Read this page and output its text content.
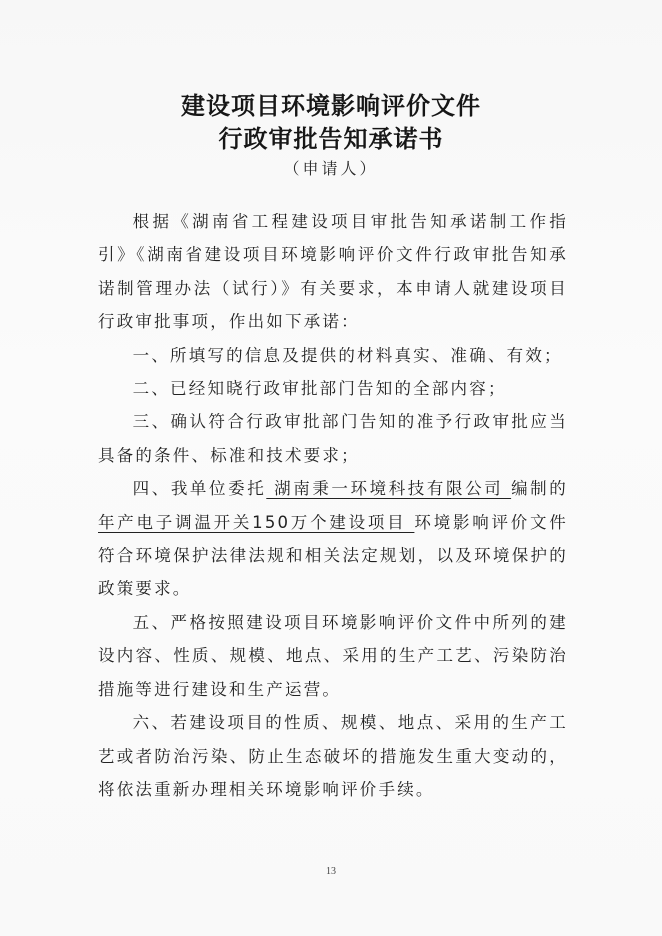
建设项目环境影响评价文件
行政审批告知承诺书
（申请人）

根据《湖南省工程建设项目审批告知承诺制工作指引》《湖南省建设项目环境影响评价文件行政审批告知承诺制管理办法（试行）》有关要求，本申请人就建设项目行政审批事项，作出如下承诺：

一、所填写的信息及提供的材料真实、准确、有效；

二、已经知晓行政审批部门告知的全部内容；

三、确认符合行政审批部门告知的准予行政审批应当具备的条件、标准和技术要求；

四、我单位委托 湖南秉一环境科技有限公司 编制的 年产电子调温开关150万个建设项目 环境影响评价文件符合环境保护法律法规和相关法定规划，以及环境保护的政策要求。

五、严格按照建设项目环境影响评价文件中所列的建设内容、性质、规模、地点、采用的生产工艺、污染防治措施等进行建设和生产运营。

六、若建设项目的性质、规模、地点、采用的生产工艺或者防治污染、防止生态破坏的措施发生重大变动的，将依法重新办理相关环境影响评价手续。

13
